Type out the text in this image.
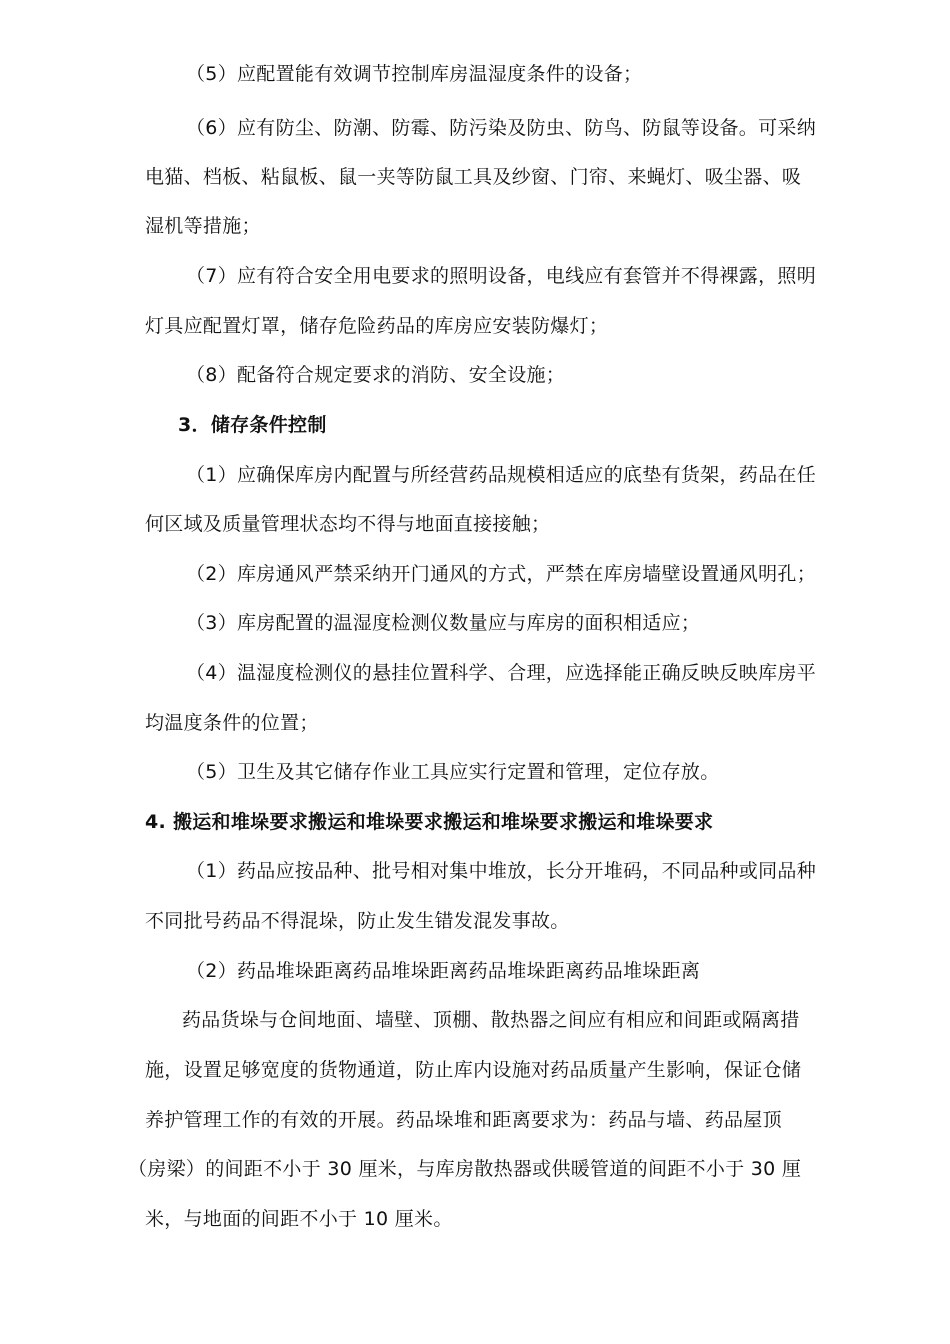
（5）应配置能有效调节控制库房温湿度条件的设备；
（6）应有防尘、防潮、防霉、防污染及防虫、防鸟、防鼠等设备。可采纳
电猫、档板、粘鼠板、鼠一夹等防鼠工具及纱窗、门帘、来蝇灯、吸尘器、吸
湿机等措施；
（7）应有符合安全用电要求的照明设备，电线应有套管并不得裸露，照明
灯具应配置灯罩，储存危险药品的库房应安装防爆灯；
（8）配备符合规定要求的消防、安全设施；
3．储存条件控制
（1）应确保库房内配置与所经营药品规模相适应的底垫有货架，药品在任
何区域及质量管理状态均不得与地面直接接触；
（2）库房通风严禁采纳开门通风的方式，严禁在库房墙壁设置通风明孔；
（3）库房配置的温湿度检测仪数量应与库房的面积相适应；
（4）温湿度检测仪的悬挂位置科学、合理，应选择能正确反映反映库房平
均温度条件的位置；
（5）卫生及其它储存作业工具应实行定置和管理，定位存放。
4. 搬运和堆垛要求搬运和堆垛要求搬运和堆垛要求搬运和堆垛要求
（1）药品应按品种、批号相对集中堆放，长分开堆码，不同品种或同品种
不同批号药品不得混垛，防止发生错发混发事故。
（2）药品堆垛距离药品堆垛距离药品堆垛距离药品堆垛距离
药品货垛与仓间地面、墙壁、顶棚、散热器之间应有相应和间距或隔离措
施，设置足够宽度的货物通道，防止库内设施对药品质量产生影响，保证仓储
养护管理工作的有效的开展。药品垛堆和距离要求为：药品与墙、药品屋顶
（房梁）的间距不小于 30 厘米，与库房散热器或供暖管道的间距不小于 30 厘
米，与地面的间距不小于 10 厘米。
